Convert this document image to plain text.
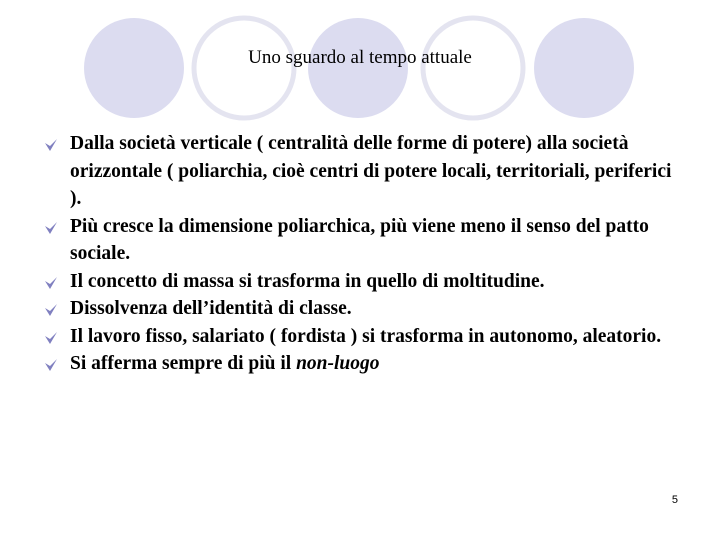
Uno sguardo al tempo attuale
Dalla società verticale ( centralità delle forme di potere) alla società orizzontale ( poliarchia, cioè centri di potere locali, territoriali, periferici ).
Più cresce la dimensione poliarchica, più viene meno il senso del patto sociale.
Il concetto di massa si trasforma in quello di moltitudine.
Dissolvenza dell’identità di classe.
Il lavoro fisso, salariato ( fordista ) si trasforma in autonomo, aleatorio.
Si afferma sempre di più il non-luogo
5
